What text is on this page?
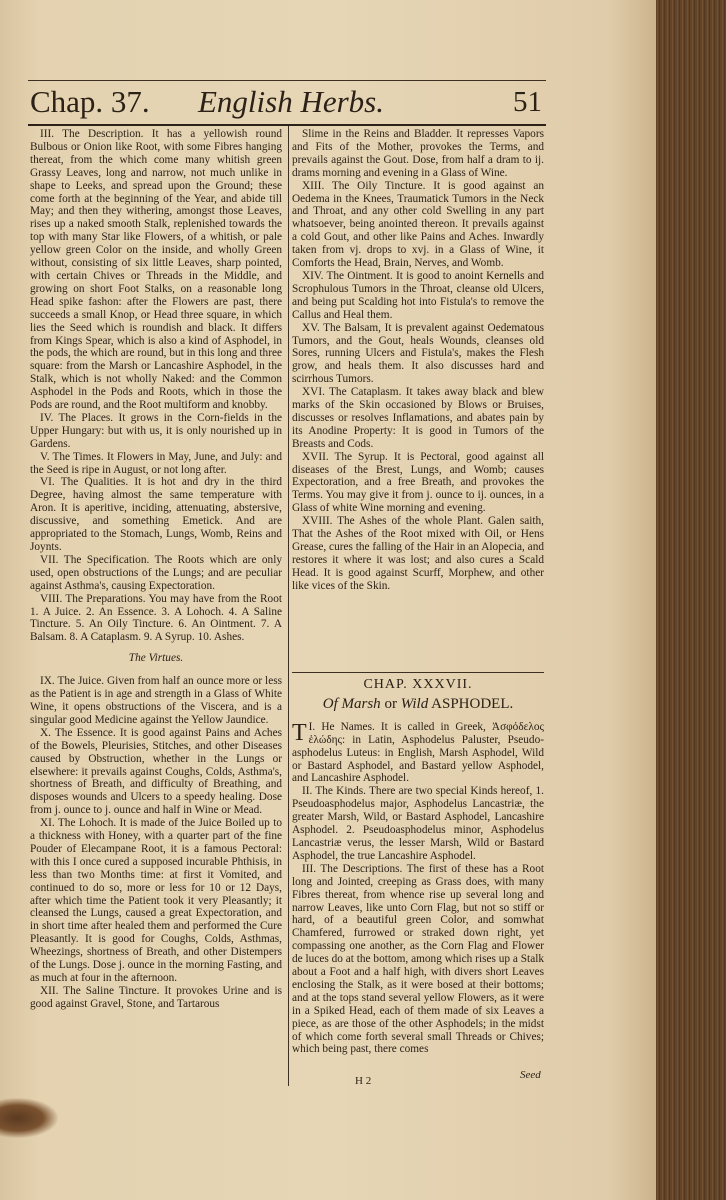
Chap. 37. English Herbs.	51

III. The Description. It has a yellowish round Bulbous or Onion like Root, with some Fibres hanging thereat, from the which come many whitish green Grassy Leaves, long and narrow, not much unlike in shape to Leeks, and spread upon the Ground; these come forth at the beginning of the Year, and abide till May; and then they withering, amongst those Leaves, rises up a naked smooth Stalk, replenished towards the top with many Star like Flowers, of a whitish, or pale yellow green Color on the inside, and wholly Green without, consisting of six little Leaves, sharp pointed, with certain Chives or Threads in the Middle, and growing on short Foot Stalks, on a reasonable long Head spike fashon: after the Flowers are past, there succeeds a small Knop, or Head three square, in which lies the Seed which is roundish and black. It differs from Kings Spear, which is also a kind of Asphodel, in the pods, the which are round, but in this long and three square: from the Marsh or Lancashire Asphodel, in the Stalk, which is not wholly Naked: and the Common Asphodel in the Pods and Roots, which in those the Pods are round, and the Root multiform and knobby.

IV. The Places. It grows in the Corn-fields in the Upper Hungary: but with us, it is only nourished up in Gardens.

V. The Times. It Flowers in May, June, and July: and the Seed is ripe in August, or not long after.

VI. The Qualities. It is hot and dry in the third Degree, having almost the same temperature with Aron. It is aperitive, inciding, attenuating, abstersive, discussive, and something Emetick. And are appropriated to the Stomach, Lungs, Womb, Reins and Joynts.

VII. The Specification. The Roots which are only used, open obstructions of the Lungs; and are peculiar against Asthma's, causing Expectoration.

VIII. The Preparations. You may have from the Root 1. A Juice. 2. An Essence. 3. A Lohoch. 4. A Saline Tincture. 5. An Oily Tincture. 6. An Ointment. 7. A Balsam. 8. A Cataplasm. 9. A Syrup. 10. Ashes.

The Virtues.

IX. The Juice. Given from half an ounce more or less as the Patient is in age and strength in a Glass of White Wine, it opens obstructions of the Viscera, and is a singular good Medicine against the Yellow Jaundice.

X. The Essence. It is good against Pains and Aches of the Bowels, Pleurisies, Stitches, and other Diseases caused by Obstruction, whether in the Lungs or elsewhere: it prevails against Coughs, Colds, Asthma's, shortness of Breath, and difficulty of Breathing, and disposes wounds and Ulcers to a speedy healing. Dose from j. ounce to j. ounce and half in Wine or Mead.

XI. The Lohoch. It is made of the Juice Boiled up to a thickness with Honey, with a quarter part of the fine Pouder of Elecampane Root, it is a famous Pectoral: with this I once cured a supposed incurable Phthisis, in less than two Months time: at first it Vomited, and continued to do so, more or less for 10 or 12 Days, after which time the Patient took it very Pleasantly; it cleansed the Lungs, caused a great Expectoration, and in short time after healed them and performed the Cure Pleasantly. It is good for Coughs, Colds, Asthmas, Wheezings, shortness of Breath, and other Distempers of the Lungs. Dose j. ounce in the morning Fasting, and as much at four in the afternoon.

XII. The Saline Tincture. It provokes Urine and is good against Gravel, Stone, and Tartarous

Slime in the Reins and Bladder. It represses Vapors and Fits of the Mother, provokes the Terms, and prevails against the Gout. Dose, from half a dram to ij. drams morning and evening in a Glass of Wine.

XIII. The Oily Tincture. It is good against an Oedema in the Knees, Traumatick Tumors in the Neck and Throat, and any other cold Swelling in any part whatsoever, being anointed thereon. It prevails against a cold Gout, and other like Pains and Aches. Inwardly taken from vj. drops to xvj. in a Glass of Wine, it Comforts the Head, Brain, Nerves, and Womb.

XIV. The Ointment. It is good to anoint Kernells and Scrophulous Tumors in the Throat, cleanse old Ulcers, and being put Scalding hot into Fistula's to remove the Callus and Heal them.

XV. The Balsam, It is prevalent against Oedematous Tumors, and the Gout, heals Wounds, cleanses old Sores, running Ulcers and Fistula's, makes the Flesh grow, and heals them. It also discusses hard and scirrhous Tumors.

XVI. The Cataplasm. It takes away black and blew marks of the Skin occasioned by Blows or Bruises, discusses or resolves Inflamations, and abates pain by its Anodine Property: It is good in Tumors of the Breasts and Cods.

XVII. The Syrup. It is Pectoral, good against all diseases of the Brest, Lungs, and Womb; causes Expectoration, and a free Breath, and provokes the Terms. You may give it from j. ounce to ij. ounces, in a Glass of white Wine morning and evening.

XVIII. The Ashes of the whole Plant. Galen saith, That the Ashes of the Root mixed with Oil, or Hens Grease, cures the falling of the Hair in an Alopecia, and restores it where it was lost; and also cures a Scald Head. It is good against Scurff, Morphew, and other like vices of the Skin.

CHAP. XXXVII.
Of Marsh or Wild ASPHODEL.

T I. He Names. It is called in Greek, Ἀσφόδελος ἑλώδης: in Latin, Asphodelus Paluster, Pseudo-asphodelus Luteus: in English, Marsh Asphodel, Wild or Bastard Asphodel, and Bastard yellow Asphodel, and Lancashire Asphodel.

II. The Kinds. There are two special Kinds hereof, 1. Pseudoasphodelus major, Asphodelus Lancastriæ, the greater Marsh, Wild, or Bastard Asphodel, Lancashire Asphodel. 2. Pseudoasphodelus minor, Asphodelus Lancastriæ verus, the lesser Marsh, Wild or Bastard Asphodel, the true Lancashire Asphodel.

III. The Descriptions. The first of these has a Root long and Jointed, creeping as Grass does, with many Fibres thereat, from whence rise up several long and narrow Leaves, like unto Corn Flag, but not so stiff or hard, of a beautiful green Color, and somwhat Chamfered, furrowed or straked down right, yet compassing one another, as the Corn Flag and Flower de luces do at the bottom, among which rises up a Stalk about a Foot and a half high, with divers short Leaves enclosing the Stalk, as it were bosed at their bottoms; and at the tops stand several yellow Flowers, as it were in a Spiked Head, each of them made of six Leaves a piece, as are those of the other Asphodels; in the midst of which come forth several small Threads or Chives; which being past, there comes

H 2	Seed
